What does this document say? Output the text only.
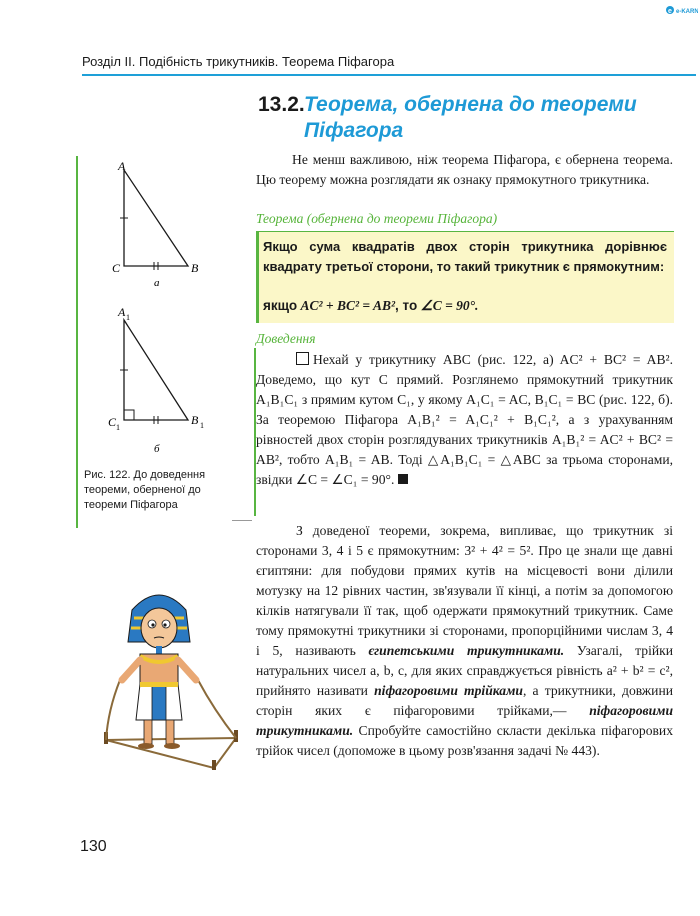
e e-KARN
Розділ ІІ. Подібність трикутників. Теорема Піфагора
13.2. Теорема, обернена до теореми
Піфагора
Не менш важливою, ніж теорема Піфагора, є обернена теорема. Цю теорему можна розглядати як ознаку прямокутного трикутника.
Теорема (обернена до теореми Піфагора)
Якщо сума квадратів двох сторін трикутника дорівнює квадрату третьої сторони, то такий трикутник є прямокутним:
якщо AC² + BC² = AB², то ∠C = 90°.
Доведення
Нехай у трикутнику ABC (рис. 122, а) AC² + BC² = AB². Доведемо, що кут C прямий. Розглянемо прямокутний трикутник A₁B₁C₁ з прямим кутом C₁, у якому A₁C₁ = AC, B₁C₁ = BC (рис. 122, б). За теоремою Піфагора A₁B₁² = A₁C₁² + B₁C₁², а з урахуванням рівностей двох сторін розглядуваних трикутників A₁B₁² = AC² + BC² = AB², тобто A₁B₁ = AB. Тоді △A₁B₁C₁ = △ABC за трьома сторонами, звідки ∠C = ∠C₁ = 90°.
З доведеної теореми, зокрема, випливає, що трикутник зі сторонами 3, 4 і 5 є прямокутним: 3² + 4² = 5². Про це знали ще давні єгиптяни: для побудови прямих кутів на місцевості вони ділили мотузку на 12 рівних частин, зв'язували її кінці, а потім за допомогою кілків натягували її так, щоб одержати прямокутний трикутник. Саме тому прямокутні трикутники зі сторонами, пропорційними числам 3, 4 і 5, називають єгипетськими трикутниками. Узагалі, трійки натуральних чисел a, b, c, для яких справджується рівність a² + b² = c², прийнято називати піфагоровими трійками, а трикутники, довжини сторін яких є піфагоровими трійками,— піфагоровими трикутниками. Спробуйте самостійно скласти декілька піфагорових трійок чисел (допоможе в цьому розв'язання задачі № 443).
A
C	B
а
A 1
C 1
B 1
б
Рис. 122. До доведення теореми, оберненої до теореми Піфагора
130
